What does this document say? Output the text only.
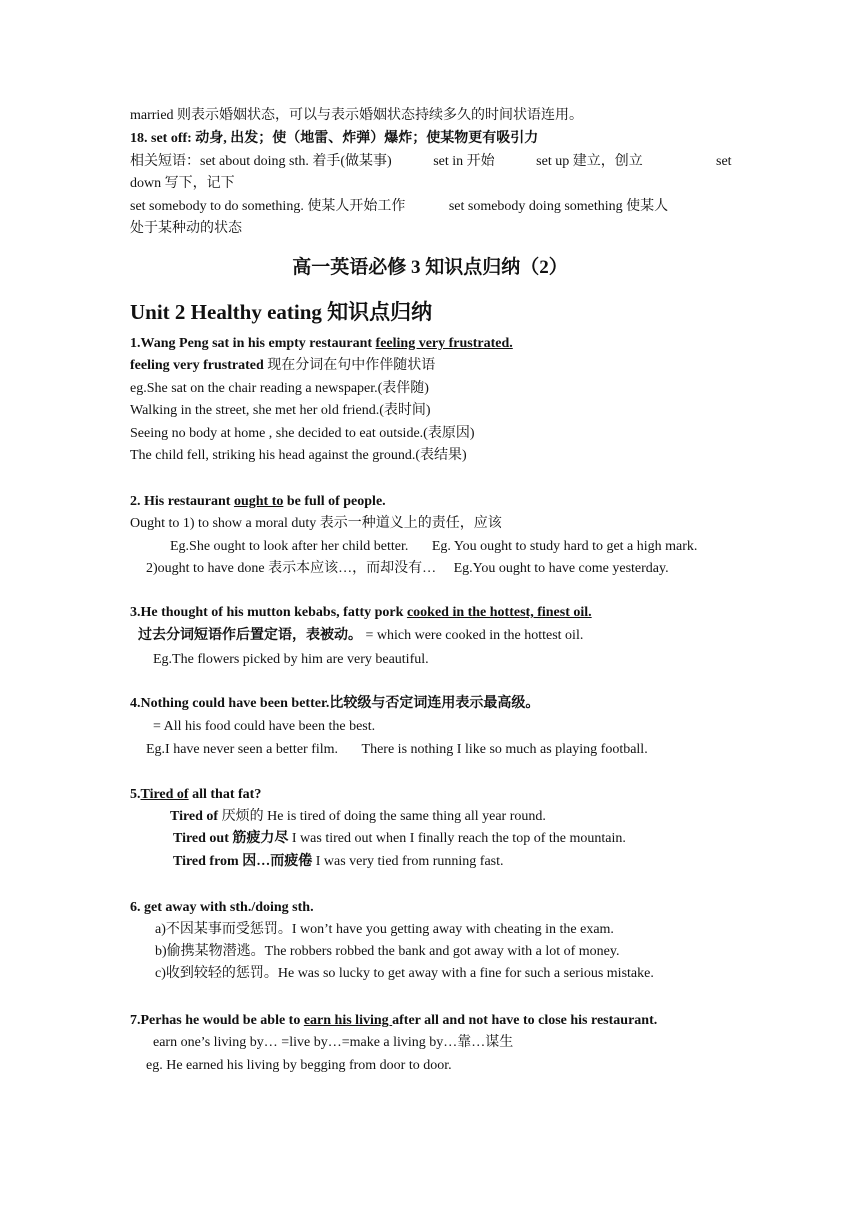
married 则表示婚姻状态，可以与表示婚姻状态持续多久的时间状语连用。
18. set off: 动身, 出发；使（地雷、炸弹）爆炸；使某物更有吸引力
相关短语：set about doing sth. 着手(做某事)	set in 开始	set up 建立，创立	set
down 写下，记下
set somebody to do something. 使某人开始工作	set somebody doing something 使某人
处于某种动的状态
高一英语必修 3 知识点归纳（2）
Unit 2 Healthy eating 知识点归纳
1.Wang Peng sat in his empty restaurant feeling very frustrated.
feeling very frustrated 现在分词在句中作伴随状语
eg.She sat on the chair reading a newspaper.(表伴随)
Walking in the street, she met her old friend.(表时间)
Seeing no body at home , she decided to eat outside.(表原因)
The child fell, striking his head against the ground.(表结果)
2. His restaurant ought to be full of people.
Ought to 1) to show a moral duty 表示一种道义上的责任，应该
Eg.She ought to look after her child better. Eg. You ought to study hard to get a high mark.
2)ought to have done 表示本应该…，而却没有… Eg.You ought to have come yesterday.
3.He thought of his mutton kebabs, fatty pork cooked in the hottest, finest oil.
过去分词短语作后置定语，表被动。 = which were cooked in the hottest oil.
Eg.The flowers picked by him are very beautiful.
4.Nothing could have been better.比较级与否定词连用表示最高级。
= All his food could have been the best.
Eg.I have never seen a better film. There is nothing I like so much as playing football.
5.Tired of all that fat?
Tired of 厌烦的 He is tired of doing the same thing all year round.
Tired out 筋疲力尽 I was tired out when I finally reach the top of the mountain.
Tired from 因…而疲倦 I was very tied from running fast.
6. get away with sth./doing sth.
a)不因某事而受惩罚。I won’t have you getting away with cheating in the exam.
b)偷携某物潜逃。The robbers robbed the bank and got away with a lot of money.
c)收到较轻的惩罚。He was so lucky to get away with a fine for such a serious mistake.
7.Perhas he would be able to earn his living after all and not have to close his restaurant.
earn one’s living by… =live by…=make a living by…靠…谋生
eg. He earned his living by begging from door to door.
